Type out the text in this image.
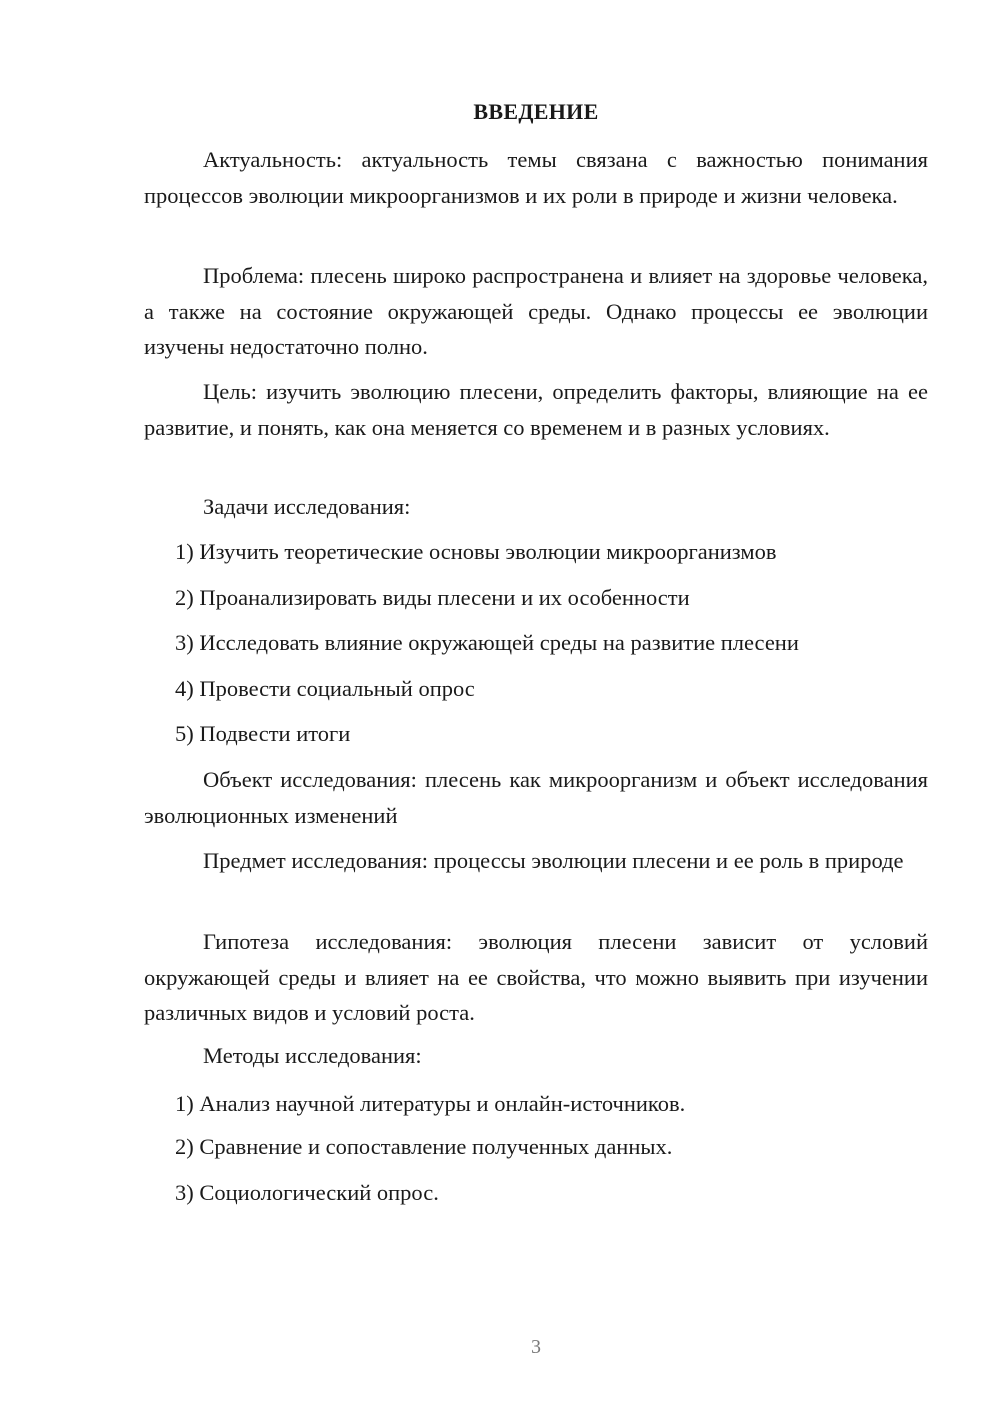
ВВЕДЕНИЕ

Актуальность: актуальность темы связана с важностью понимания процессов эволюции микроорганизмов и их роли в природе и жизни человека.

Проблема: плесень широко распространена и влияет на здоровье человека, а также на состояние окружающей среды. Однако процессы ее эволюции изучены недостаточно полно.

Цель: изучить эволюцию плесени, определить факторы, влияющие на ее развитие, и понять, как она меняется со временем и в разных условиях.

Задачи исследования:

1) Изучить теоретические основы эволюции микроорганизмов

2) Проанализировать виды плесени и их особенности

3) Исследовать влияние окружающей среды на развитие плесени

4) Провести социальный опрос

5) Подвести итоги

Объект исследования: плесень как микроорганизм и объект исследования эволюционных изменений

Предмет исследования: процессы эволюции плесени и ее роль в природе

Гипотеза исследования: эволюция плесени зависит от условий окружающей среды и влияет на ее свойства, что можно выявить при изучении различных видов и условий роста.

Методы исследования:

1) Анализ научной литературы и онлайн-источников.

2) Сравнение и сопоставление полученных данных.

3) Социологический опрос.

3
